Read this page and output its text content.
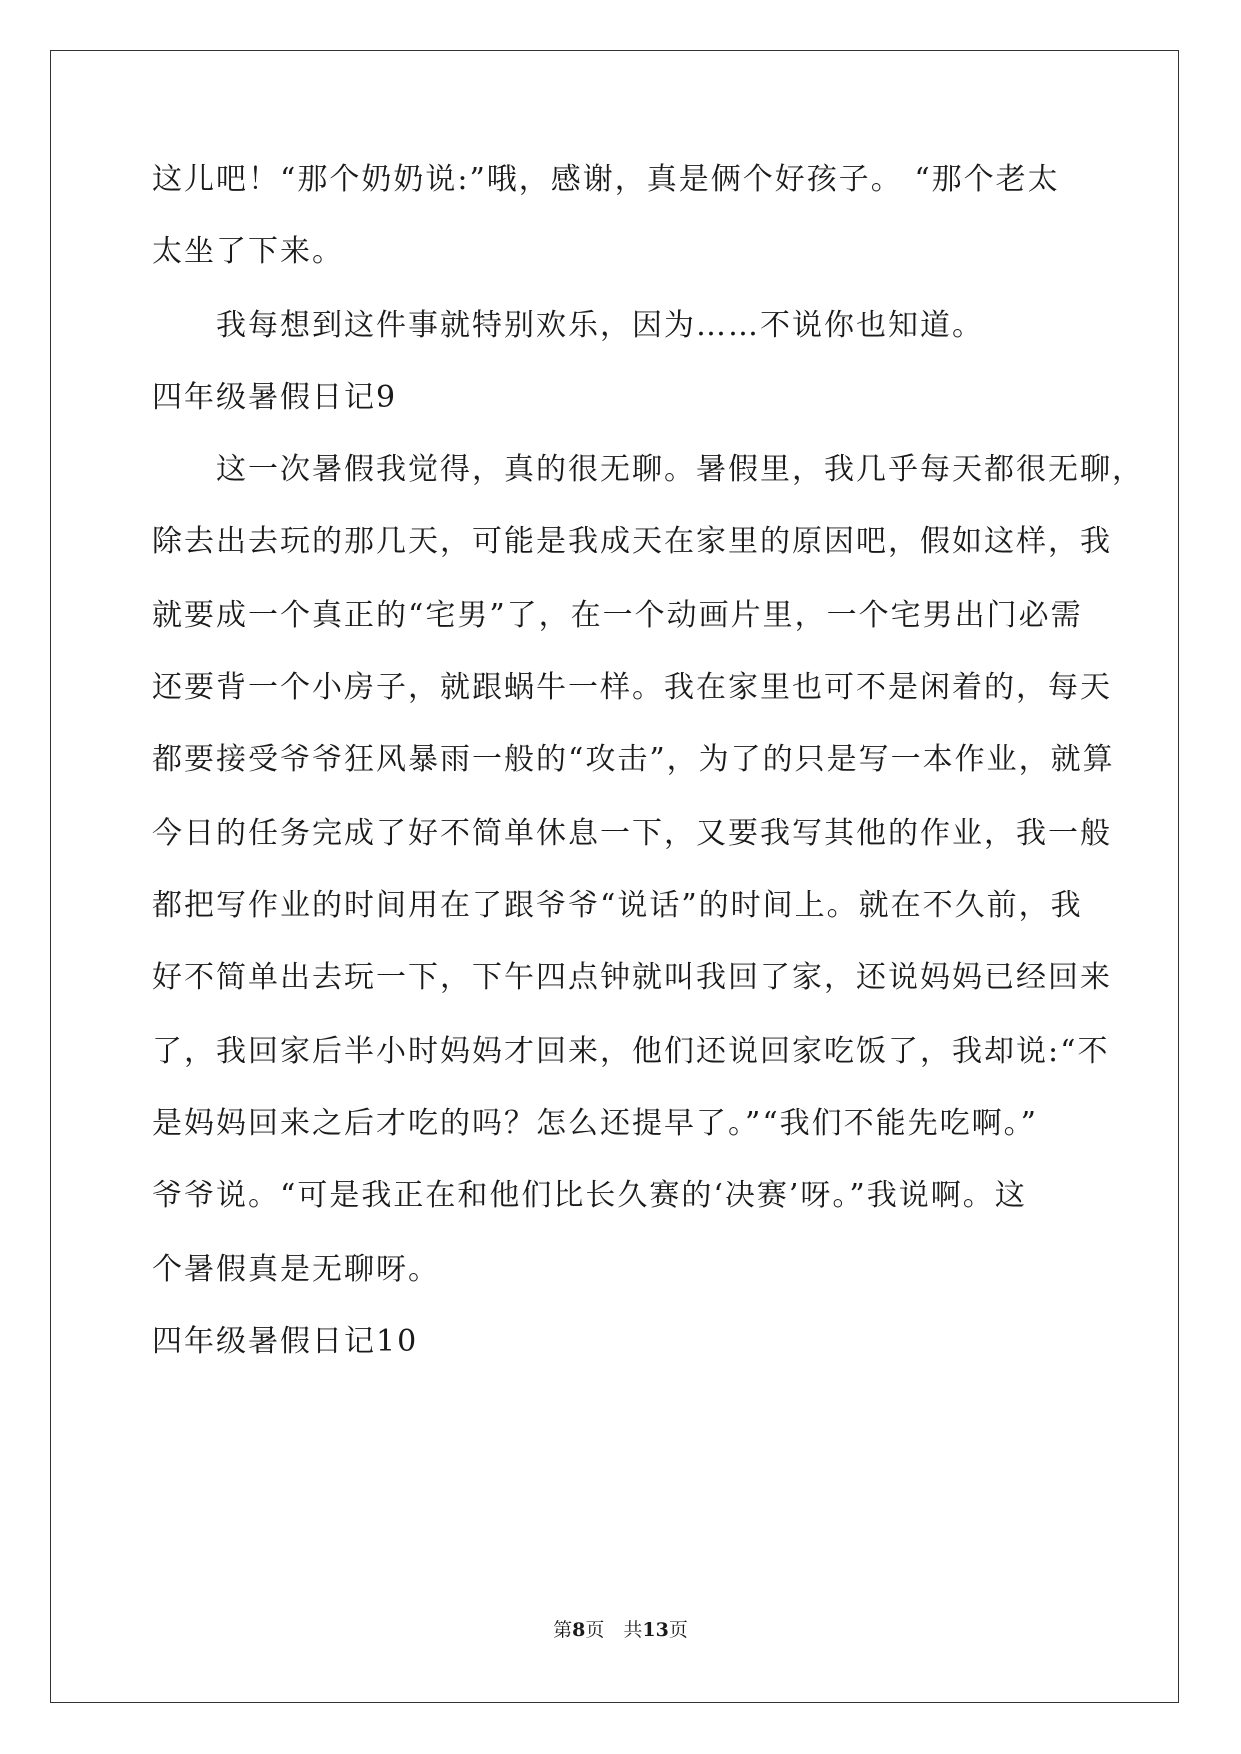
这儿吧！“那个奶奶说:”哦，感谢，真是俩个好孩子。 “那个老太
太坐了下来。
　　我每想到这件事就特别欢乐，因为……不说你也知道。
四年级暑假日记9
　　这一次暑假我觉得，真的很无聊。暑假里，我几乎每天都很无聊，
除去出去玩的那几天，可能是我成天在家里的原因吧，假如这样，我
就要成一个真正的“宅男”了，在一个动画片里，一个宅男出门必需
还要背一个小房子，就跟蜗牛一样。我在家里也可不是闲着的，每天
都要接受爷爷狂风暴雨一般的“攻击”，为了的只是写一本作业，就算
今日的任务完成了好不简单休息一下，又要我写其他的作业，我一般
都把写作业的时间用在了跟爷爷“说话”的时间上。就在不久前，我
好不简单出去玩一下，下午四点钟就叫我回了家，还说妈妈已经回来
了，我回家后半小时妈妈才回来，他们还说回家吃饭了，我却说:“不
是妈妈回来之后才吃的吗？怎么还提早了。”“我们不能先吃啊。”
爷爷说。“可是我正在和他们比长久赛的‘决赛’呀。”我说啊。这
个暑假真是无聊呀。
四年级暑假日记10
第8页　共13页
